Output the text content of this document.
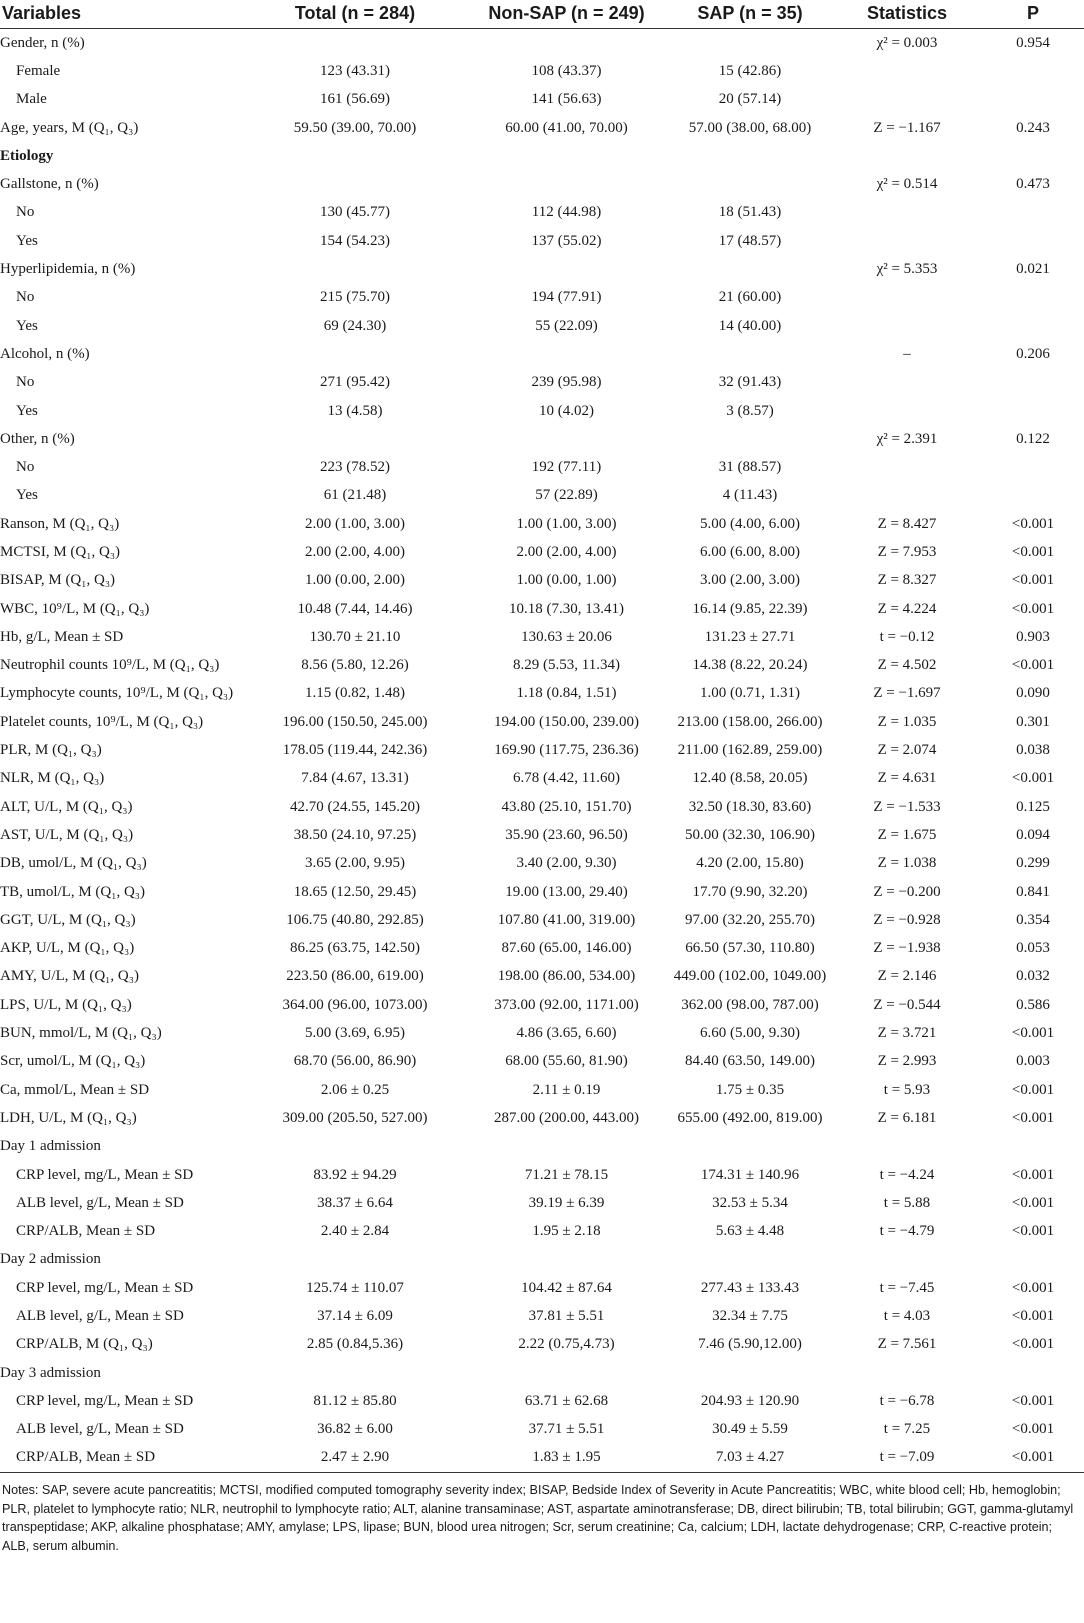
Variables	Total (n = 284)	Non-SAP (n = 249)	SAP (n = 35)	Statistics	P
Gender, n (%)				χ² = 0.003	0.954
Female	123 (43.31)	108 (43.37)	15 (42.86)		
Male	161 (56.69)	141 (56.63)	20 (57.14)		
Age, years, M (Q₁, Q₃)	59.50 (39.00, 70.00)	60.00 (41.00, 70.00)	57.00 (38.00, 68.00)	Z = −1.167	0.243
Etiology					
Gallstone, n (%)				χ² = 0.514	0.473
No	130 (45.77)	112 (44.98)	18 (51.43)		
Yes	154 (54.23)	137 (55.02)	17 (48.57)		
Hyperlipidemia, n (%)				χ² = 5.353	0.021
No	215 (75.70)	194 (77.91)	21 (60.00)		
Yes	69 (24.30)	55 (22.09)	14 (40.00)		
Alcohol, n (%)				–	0.206
No	271 (95.42)	239 (95.98)	32 (91.43)		
Yes	13 (4.58)	10 (4.02)	3 (8.57)		
Other, n (%)				χ² = 2.391	0.122
No	223 (78.52)	192 (77.11)	31 (88.57)		
Yes	61 (21.48)	57 (22.89)	4 (11.43)		
Ranson, M (Q₁, Q₃)	2.00 (1.00, 3.00)	1.00 (1.00, 3.00)	5.00 (4.00, 6.00)	Z = 8.427	<0.001
MCTSI, M (Q₁, Q₃)	2.00 (2.00, 4.00)	2.00 (2.00, 4.00)	6.00 (6.00, 8.00)	Z = 7.953	<0.001
BISAP, M (Q₁, Q₃)	1.00 (0.00, 2.00)	1.00 (0.00, 1.00)	3.00 (2.00, 3.00)	Z = 8.327	<0.001
WBC, 10⁹/L, M (Q₁, Q₃)	10.48 (7.44, 14.46)	10.18 (7.30, 13.41)	16.14 (9.85, 22.39)	Z = 4.224	<0.001
Hb, g/L, Mean ± SD	130.70 ± 21.10	130.63 ± 20.06	131.23 ± 27.71	t = −0.12	0.903
Neutrophil counts 10⁹/L, M (Q₁, Q₃)	8.56 (5.80, 12.26)	8.29 (5.53, 11.34)	14.38 (8.22, 20.24)	Z = 4.502	<0.001
Lymphocyte counts, 10⁹/L, M (Q₁, Q₃)	1.15 (0.82, 1.48)	1.18 (0.84, 1.51)	1.00 (0.71, 1.31)	Z = −1.697	0.090
Platelet counts, 10⁹/L, M (Q₁, Q₃)	196.00 (150.50, 245.00)	194.00 (150.00, 239.00)	213.00 (158.00, 266.00)	Z = 1.035	0.301
PLR, M (Q₁, Q₃)	178.05 (119.44, 242.36)	169.90 (117.75, 236.36)	211.00 (162.89, 259.00)	Z = 2.074	0.038
NLR, M (Q₁, Q₃)	7.84 (4.67, 13.31)	6.78 (4.42, 11.60)	12.40 (8.58, 20.05)	Z = 4.631	<0.001
ALT, U/L, M (Q₁, Q₃)	42.70 (24.55, 145.20)	43.80 (25.10, 151.70)	32.50 (18.30, 83.60)	Z = −1.533	0.125
AST, U/L, M (Q₁, Q₃)	38.50 (24.10, 97.25)	35.90 (23.60, 96.50)	50.00 (32.30, 106.90)	Z = 1.675	0.094
DB, umol/L, M (Q₁, Q₃)	3.65 (2.00, 9.95)	3.40 (2.00, 9.30)	4.20 (2.00, 15.80)	Z = 1.038	0.299
TB, umol/L, M (Q₁, Q₃)	18.65 (12.50, 29.45)	19.00 (13.00, 29.40)	17.70 (9.90, 32.20)	Z = −0.200	0.841
GGT, U/L, M (Q₁, Q₃)	106.75 (40.80, 292.85)	107.80 (41.00, 319.00)	97.00 (32.20, 255.70)	Z = −0.928	0.354
AKP, U/L, M (Q₁, Q₃)	86.25 (63.75, 142.50)	87.60 (65.00, 146.00)	66.50 (57.30, 110.80)	Z = −1.938	0.053
AMY, U/L, M (Q₁, Q₃)	223.50 (86.00, 619.00)	198.00 (86.00, 534.00)	449.00 (102.00, 1049.00)	Z = 2.146	0.032
LPS, U/L, M (Q₁, Q₃)	364.00 (96.00, 1073.00)	373.00 (92.00, 1171.00)	362.00 (98.00, 787.00)	Z = −0.544	0.586
BUN, mmol/L, M (Q₁, Q₃)	5.00 (3.69, 6.95)	4.86 (3.65, 6.60)	6.60 (5.00, 9.30)	Z = 3.721	<0.001
Scr, umol/L, M (Q₁, Q₃)	68.70 (56.00, 86.90)	68.00 (55.60, 81.90)	84.40 (63.50, 149.00)	Z = 2.993	0.003
Ca, mmol/L, Mean ± SD	2.06 ± 0.25	2.11 ± 0.19	1.75 ± 0.35	t = 5.93	<0.001
LDH, U/L, M (Q₁, Q₃)	309.00 (205.50, 527.00)	287.00 (200.00, 443.00)	655.00 (492.00, 819.00)	Z = 6.181	<0.001
Day 1 admission					
CRP level, mg/L, Mean ± SD	83.92 ± 94.29	71.21 ± 78.15	174.31 ± 140.96	t = −4.24	<0.001
ALB level, g/L, Mean ± SD	38.37 ± 6.64	39.19 ± 6.39	32.53 ± 5.34	t = 5.88	<0.001
CRP/ALB, Mean ± SD	2.40 ± 2.84	1.95 ± 2.18	5.63 ± 4.48	t = −4.79	<0.001
Day 2 admission					
CRP level, mg/L, Mean ± SD	125.74 ± 110.07	104.42 ± 87.64	277.43 ± 133.43	t = −7.45	<0.001
ALB level, g/L, Mean ± SD	37.14 ± 6.09	37.81 ± 5.51	32.34 ± 7.75	t = 4.03	<0.001
CRP/ALB, M (Q₁, Q₃)	2.85 (0.84,5.36)	2.22 (0.75,4.73)	7.46 (5.90,12.00)	Z = 7.561	<0.001
Day 3 admission					
CRP level, mg/L, Mean ± SD	81.12 ± 85.80	63.71 ± 62.68	204.93 ± 120.90	t = −6.78	<0.001
ALB level, g/L, Mean ± SD	36.82 ± 6.00	37.71 ± 5.51	30.49 ± 5.59	t = 7.25	<0.001
CRP/ALB, Mean ± SD	2.47 ± 2.90	1.83 ± 1.95	7.03 ± 4.27	t = −7.09	<0.001
Notes: SAP, severe acute pancreatitis; MCTSI, modified computed tomography severity index; BISAP, Bedside Index of Severity in Acute Pancreatitis; WBC, white blood cell; Hb, hemoglobin; PLR, platelet to lymphocyte ratio; NLR, neutrophil to lymphocyte ratio; ALT, alanine transaminase; AST, aspartate aminotransferase; DB, direct bilirubin; TB, total bilirubin; GGT, gamma-glutamyl transpeptidase; AKP, alkaline phosphatase; AMY, amylase; LPS, lipase; BUN, blood urea nitrogen; Scr, serum creatinine; Ca, calcium; LDH, lactate dehydrogenase; CRP, C-reactive protein; ALB, serum albumin.
